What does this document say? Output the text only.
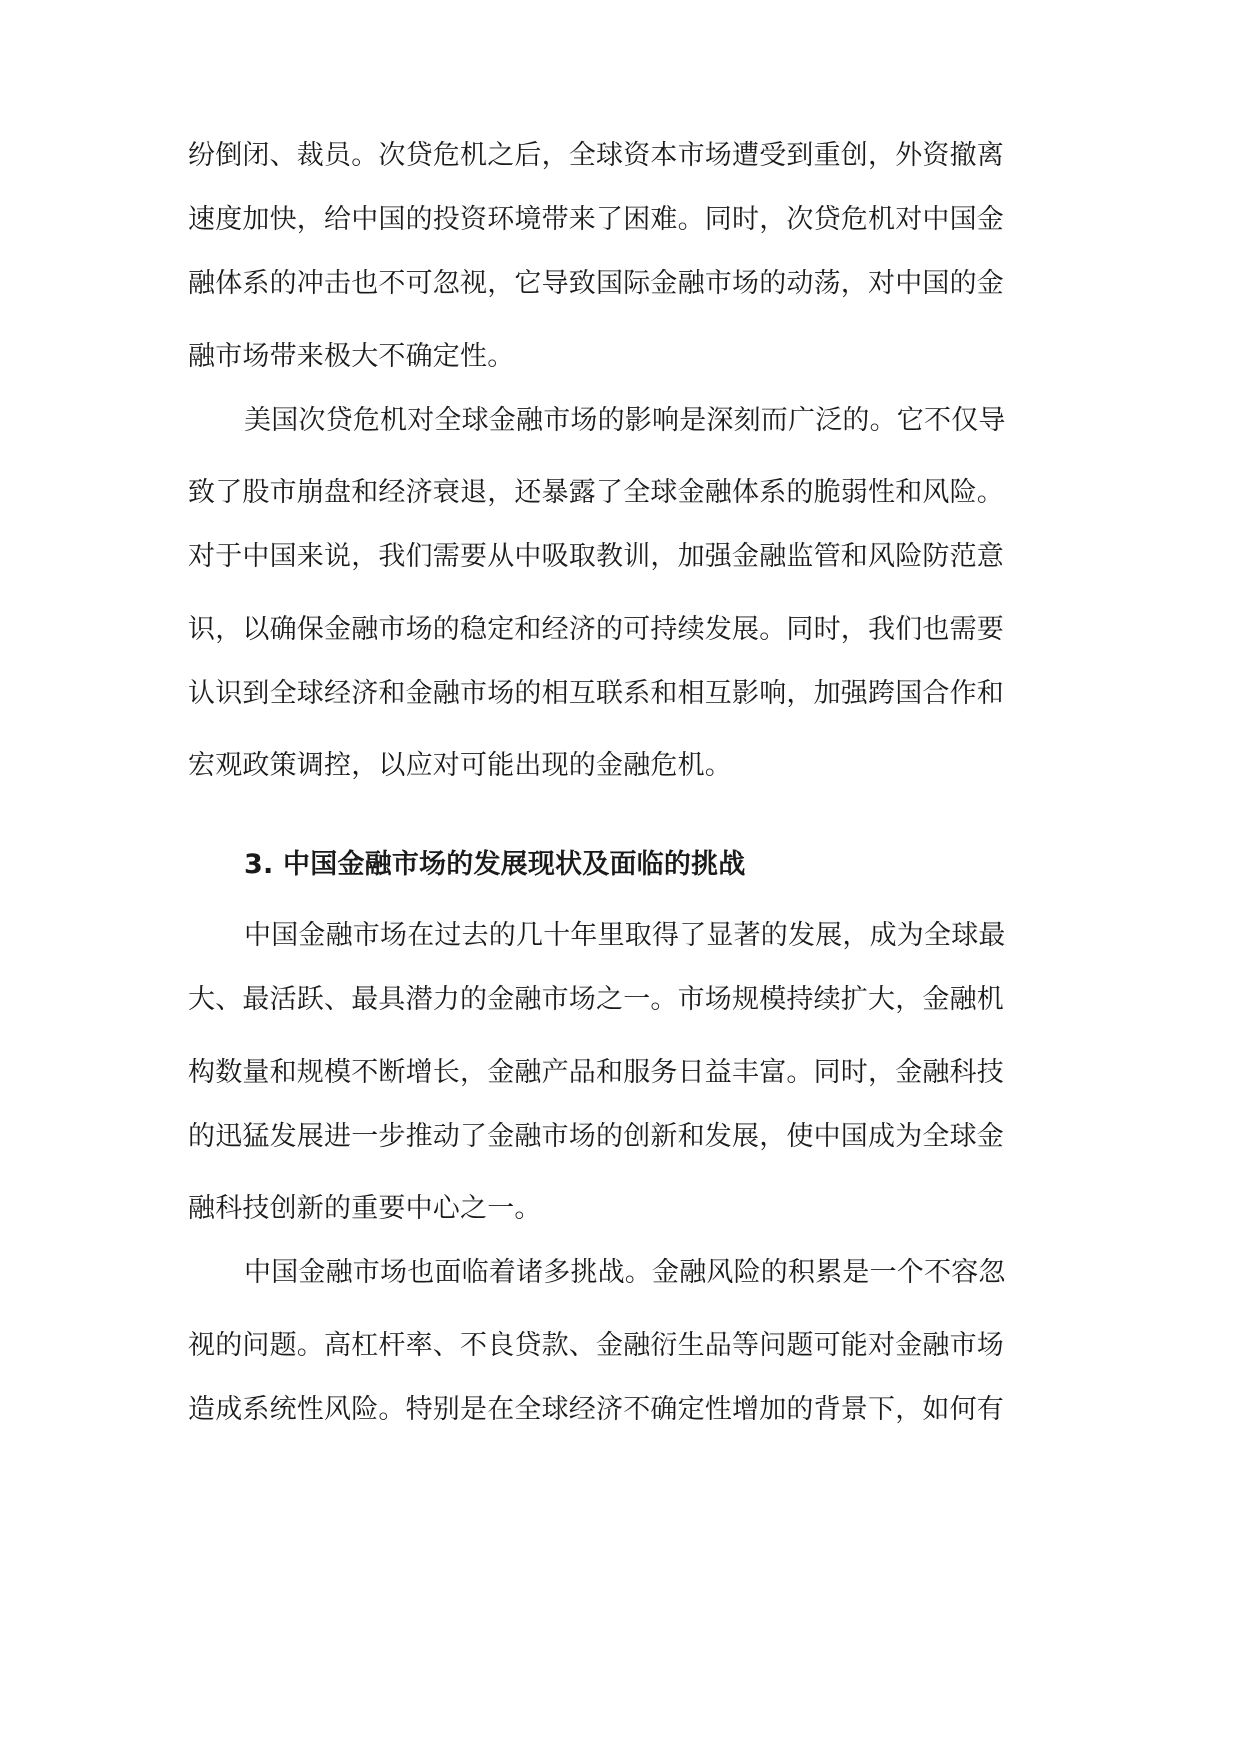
纷倒闭、裁员。次贷危机之后，全球资本市场遭受到重创，外资撤离
速度加快，给中国的投资环境带来了困难。同时，次贷危机对中国金
融体系的冲击也不可忽视，它导致国际金融市场的动荡，对中国的金
融市场带来极大不确定性。
美国次贷危机对全球金融市场的影响是深刻而广泛的。它不仅导
致了股市崩盘和经济衰退，还暴露了全球金融体系的脆弱性和风险。
对于中国来说，我们需要从中吸取教训，加强金融监管和风险防范意
识，以确保金融市场的稳定和经济的可持续发展。同时，我们也需要
认识到全球经济和金融市场的相互联系和相互影响，加强跨国合作和
宏观政策调控，以应对可能出现的金融危机。
3. 中国金融市场的发展现状及面临的挑战
中国金融市场在过去的几十年里取得了显著的发展，成为全球最
大、最活跃、最具潜力的金融市场之一。市场规模持续扩大，金融机
构数量和规模不断增长，金融产品和服务日益丰富。同时，金融科技
的迅猛发展进一步推动了金融市场的创新和发展，使中国成为全球金
融科技创新的重要中心之一。
中国金融市场也面临着诸多挑战。金融风险的积累是一个不容忽
视的问题。高杠杆率、不良贷款、金融衍生品等问题可能对金融市场
造成系统性风险。特别是在全球经济不确定性增加的背景下，如何有
